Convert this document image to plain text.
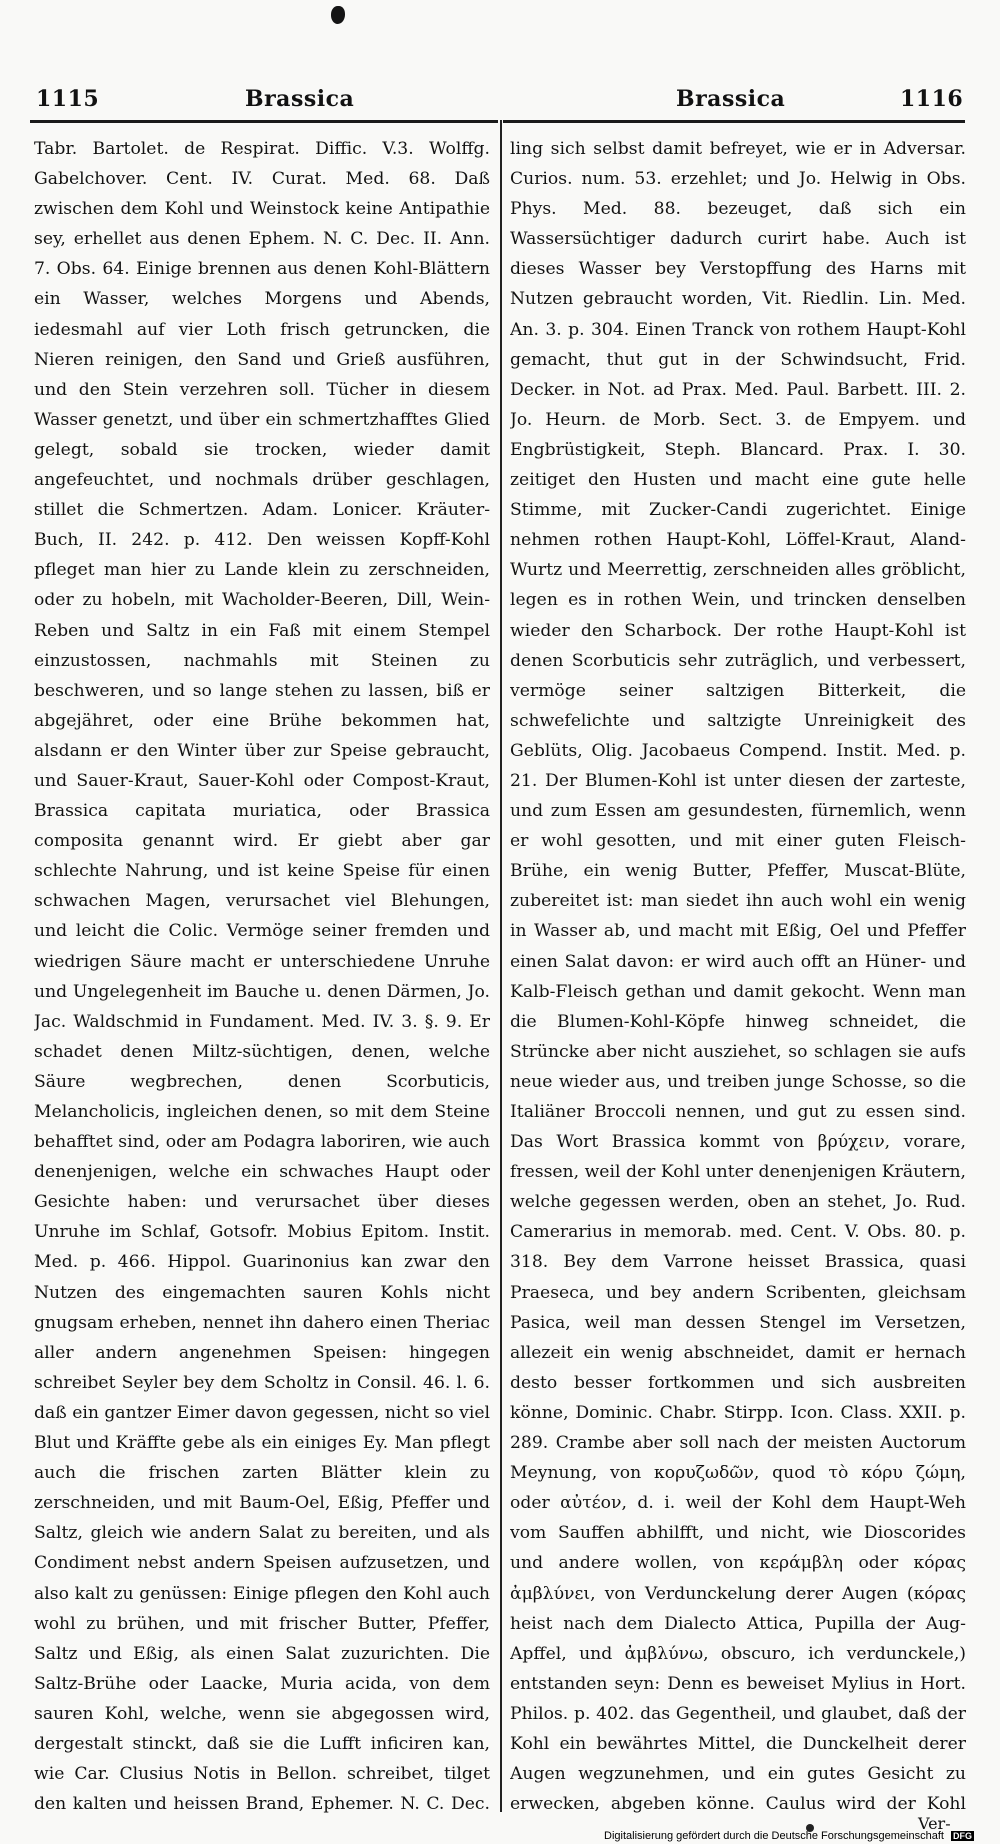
1115	Brassica	Brassica	1116

Tabr. Bartolet. de Respirat. Diffic. V.3. Wolffg. Gabelchover. Cent. IV. Curat. Med. 68. Daß zwischen dem Kohl und Weinstock keine Antipathie sey, erhellet aus denen Ephem. N. C. Dec. II. Ann. 7. Obs. 64. Einige brennen aus denen Kohl-Blättern ein Wasser, welches Morgens und Abends, iedesmahl auf vier Loth frisch getruncken, die Nieren reinigen, den Sand und Grieß ausführen, und den Stein verzehren soll. Tücher in diesem Wasser genetzt, und über ein schmertzhafftes Glied gelegt, sobald sie trocken, wieder damit angefeuchtet, und nochmals drüber geschlagen, stillet die Schmertzen. Adam. Lonicer. Kräuter-Buch, II. 242. p. 412. Den weissen Kopff-Kohl pfleget man hier zu Lande klein zu zerschneiden, oder zu hobeln, mit Wacholder-Beeren, Dill, Wein-Reben und Saltz in ein Faß mit einem Stempel einzustossen, nachmahls mit Steinen zu beschweren, und so lange stehen zu lassen, biß er abgejähret, oder eine Brühe bekommen hat, alsdann er den Winter über zur Speise gebraucht, und Sauer-Kraut, Sauer-Kohl oder Compost-Kraut, Brassica capitata muriatica, oder Brassica composita genannt wird. Er giebt aber gar schlechte Nahrung, und ist keine Speise für einen schwachen Magen, verursachet viel Blehungen, und leicht die Colic. Vermöge seiner fremden und wiedrigen Säure macht er unterschiedene Unruhe und Ungelegenheit im Bauche u. denen Därmen, Jo. Jac. Waldschmid in Fundament. Med. IV. 3. §. 9. Er schadet denen Miltz-süchtigen, denen, welche Säure wegbrechen, denen Scorbuticis, Melancholicis, ingleichen denen, so mit dem Steine behafftet sind, oder am Podagra laboriren, wie auch denenjenigen, welche ein schwaches Haupt oder Gesichte haben: und verursachet über dieses Unruhe im Schlaf, Gotsofr. Mobius Epitom. Instit. Med. p. 466. Hippol. Guarinonius kan zwar den Nutzen des eingemachten sauren Kohls nicht gnugsam erheben, nennet ihn dahero einen Theriac aller andern angenehmen Speisen: hingegen schreibet Seyler bey dem Scholtz in Consil. 46. l. 6. daß ein gantzer Eimer davon gegessen, nicht so viel Blut und Kräffte gebe als ein einiges Ey. Man pflegt auch die frischen zarten Blätter klein zu zerschneiden, und mit Baum-Oel, Eßig, Pfeffer und Saltz, gleich wie andern Salat zu bereiten, und als Condiment nebst andern Speisen aufzusetzen, und also kalt zu genüssen: Einige pflegen den Kohl auch wohl zu brühen, und mit frischer Butter, Pfeffer, Saltz und Eßig, als einen Salat zuzurichten. Die Saltz-Brühe oder Laacke, Muria acida, von dem sauren Kohl, welche, wenn sie abgegossen wird, dergestalt stinckt, daß sie die Lufft inficiren kan, wie Car. Clusius Notis in Bellon. schreibet, tilget den kalten und heissen Brand, Ephemer. N. C. Dec.

ling sich selbst damit befreyet, wie er in Adversar. Curios. num. 53. erzehlet; und Jo. Helwig in Obs. Phys. Med. 88. bezeuget, daß sich ein Wassersüchtiger dadurch curirt habe. Auch ist dieses Wasser bey Verstopffung des Harns mit Nutzen gebraucht worden, Vit. Riedlin. Lin. Med. An. 3. p. 304. Einen Tranck von rothem Haupt-Kohl gemacht, thut gut in der Schwindsucht, Frid. Decker. in Not. ad Prax. Med. Paul. Barbett. III. 2. Jo. Heurn. de Morb. Sect. 3. de Empyem. und Engbrüstigkeit, Steph. Blancard. Prax. I. 30. zeitiget den Husten und macht eine gute helle Stimme, mit Zucker-Candi zugerichtet. Einige nehmen rothen Haupt-Kohl, Löffel-Kraut, Aland-Wurtz und Meerrettig, zerschneiden alles gröblicht, legen es in rothen Wein, und trincken denselben wieder den Scharbock. Der rothe Haupt-Kohl ist denen Scorbuticis sehr zuträglich, und verbessert, vermöge seiner saltzigen Bitterkeit, die schwefelichte und saltzigte Unreinigkeit des Geblüts, Olig. Jacobaeus Compend. Instit. Med. p. 21. Der Blumen-Kohl ist unter diesen der zarteste, und zum Essen am gesundesten, fürnemlich, wenn er wohl gesotten, und mit einer guten Fleisch-Brühe, ein wenig Butter, Pfeffer, Muscat-Blüte, zubereitet ist: man siedet ihn auch wohl ein wenig in Wasser ab, und macht mit Eßig, Oel und Pfeffer einen Salat davon: er wird auch offt an Hüner- und Kalb-Fleisch gethan und damit gekocht. Wenn man die Blumen-Kohl-Köpfe hinweg schneidet, die Strüncke aber nicht ausziehet, so schlagen sie aufs neue wieder aus, und treiben junge Schosse, so die Italiäner Broccoli nennen, und gut zu essen sind. Das Wort Brassica kommt von βρύχειν, vorare, fressen, weil der Kohl unter denenjenigen Kräutern, welche gegessen werden, oben an stehet, Jo. Rud. Camerarius in memorab. med. Cent. V. Obs. 80. p. 318. Bey dem Varrone heisset Brassica, quasi Praeseca, und bey andern Scribenten, gleichsam Pasica, weil man dessen Stengel im Versetzen, allezeit ein wenig abschneidet, damit er hernach desto besser fortkommen und sich ausbreiten könne, Dominic. Chabr. Stirpp. Icon. Class. XXII. p. 289. Crambe aber soll nach der meisten Auctorum Meynung, von κορυζωδῶν, quod τὸ κόρυ ζώμη, oder αὐτέον, d. i. weil der Kohl dem Haupt-Weh vom Sauffen abhilfft, und nicht, wie Dioscorides und andere wollen, von κεράμβλη oder κόρας ἀμβλύνει, von Verdunckelung derer Augen (κόρας heist nach dem Dialecto Attica, Pupilla der Aug-Apffel, und ἀμβλύνω, obscuro, ich verdunckele,) entstanden seyn: Denn es beweiset Mylius in Hort. Philos. p. 402. das Gegentheil, und glaubet, daß der Kohl ein bewährtes Mittel, die Dunckelheit derer Augen wegzunehmen, und ein gutes Gesicht zu erwecken, abgeben könne. Caulus wird der Kohl

Ver-
Digitalisierung gefördert durch die Deutsche Forschungsgemeinschaft DFG
